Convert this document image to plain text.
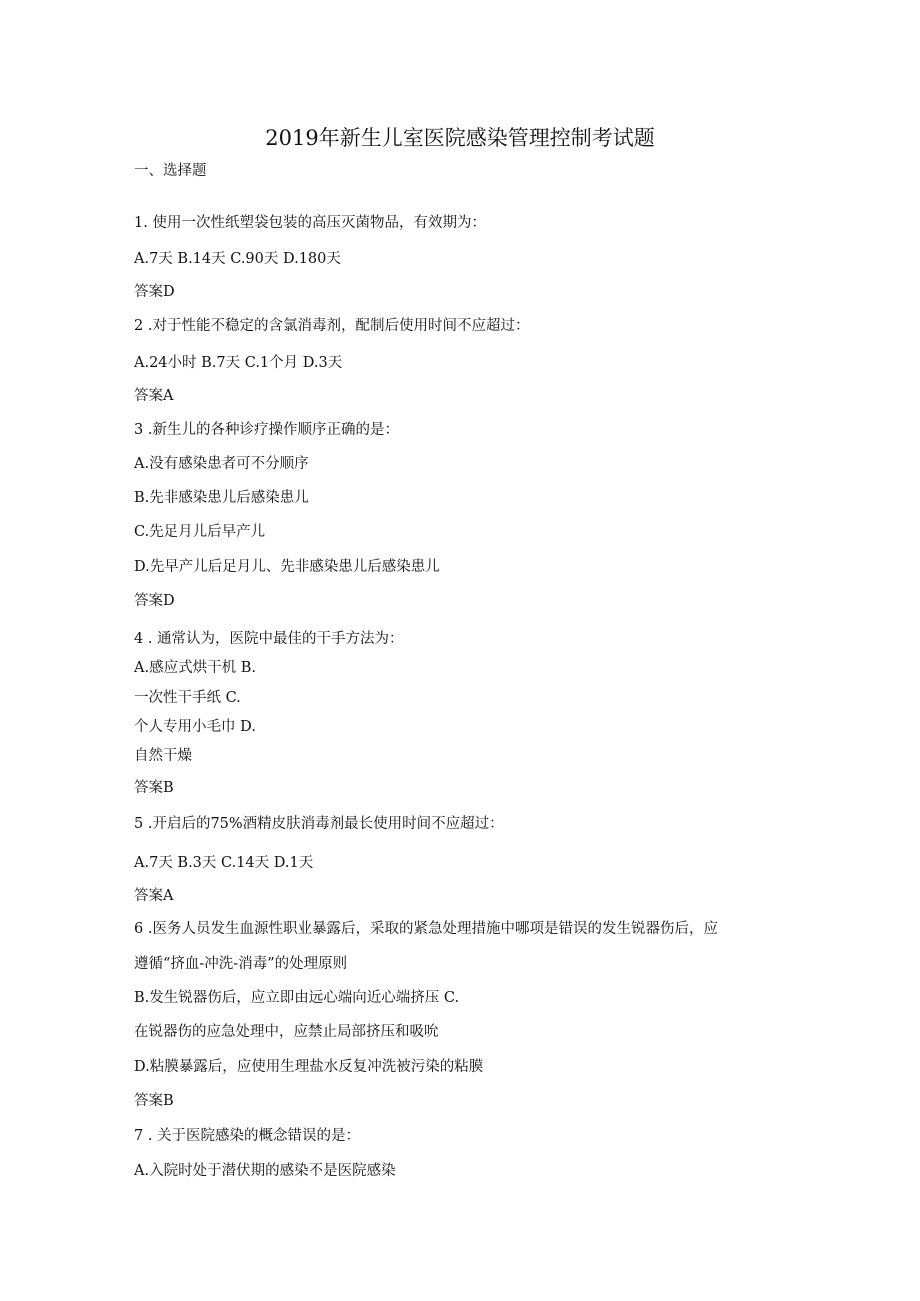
2019年新生儿室医院感染管理控制考试题
一、选择题
1. 使用一次性纸塑袋包装的高压灭菌物品，有效期为：
A.7天 B.14天 C.90天 D.180天
答案D
2 .对于性能不稳定的含氯消毒剂，配制后使用时间不应超过：
A.24小时 B.7天 C.1个月 D.3天
答案A
3 .新生儿的各种诊疗操作顺序正确的是：
A.没有感染患者可不分顺序
B.先非感染患儿后感染患儿
C.先足月儿后早产儿
D.先早产儿后足月儿、先非感染患儿后感染患儿
答案D
4 . 通常认为，医院中最佳的干手方法为：
A.感应式烘干机 B.
一次性干手纸 C.
个人专用小毛巾 D.
自然干燥
答案B
5 .开启后的75%酒精皮肤消毒剂最长使用时间不应超过：
A.7天 B.3天 C.14天 D.1天
答案A
6 .医务人员发生血源性职业暴露后，采取的紧急处理措施中哪项是错误的发生锐器伤后，应
遵循“挤血-冲洗-消毒”的处理原则
B.发生锐器伤后，应立即由远心端向近心端挤压 C.
在锐器伤的应急处理中，应禁止局部挤压和吸吮
D.粘膜暴露后，应使用生理盐水反复冲洗被污染的粘膜
答案B
7 . 关于医院感染的概念错误的是：
A.入院时处于潜伏期的感染不是医院感染
